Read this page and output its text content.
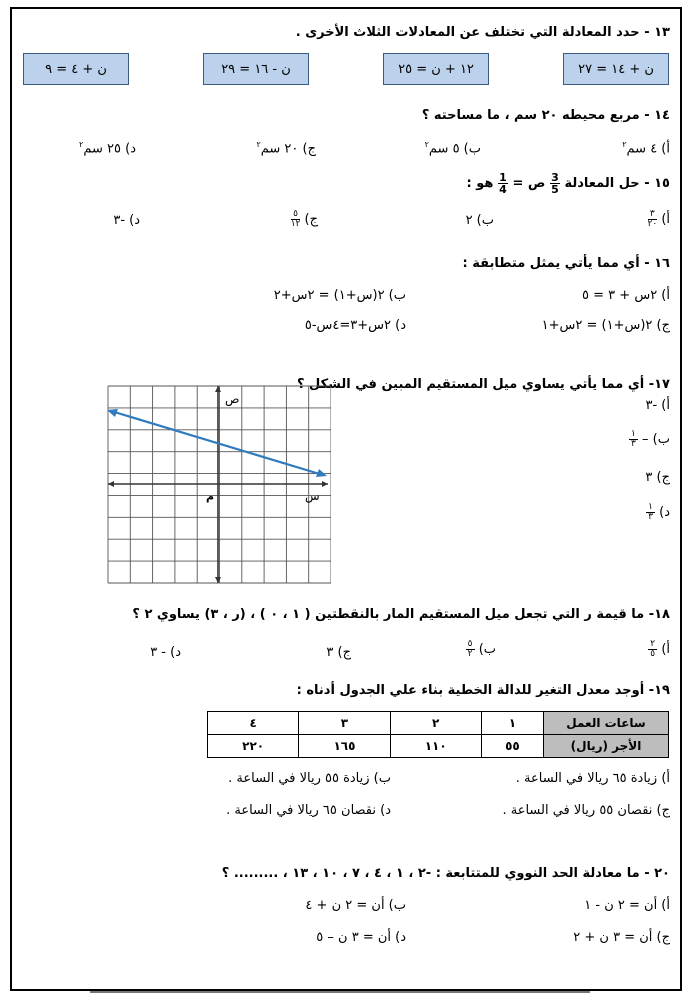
١٣ - حدد المعادلة التي تختلف عن المعادلات الثلاث الأخرى .
ن + ١٤ = ٢٧
١٢ + ن = ٢٥
ن - ١٦ = ٢٩
ن + ٤ = ٩
١٤ - مربع محيطه ٢٠ سم ، ما مساحته ؟
أ) ٤ سم$^٢$
ب) ٥ سم$^٢$
ج) ٢٠ سم$^٢$
د) ٢٥ سم$^٢$
١٥ - حل المعادلة
$\frac{3}{5}$
ص =
$\frac{1}{4}$
هو :
أ)
$\frac{٣}{٢٠}$
ب) ٢
ج)
$\frac{٥}{١٢}$
د) -٣
١٦ - أي مما يأتي يمثل متطابقة :
أ) ٢س + ٣ = ٥
ب) ٢(س+١) = ٢س+٢
ج) ٢(س+١) = ٢س+١
د) ٢س+٣=٤س-٥
١٧- أي مما يأتي يساوي ميل المستقيم المبين في الشكل ؟
أ) -٣
ب) –
$\frac{١}{٣}$
ج) ٣
د)
$\frac{١}{٣}$
ص
س
م
١٨- ما قيمة ر التي تجعل ميل المستقيم المار بالنقطتين ( ١ ، ٠ ) ، (ر ، ٣) يساوي ٢ ؟
أ)
$\frac{٢}{٥}$
ب)
$\frac{٥}{٢}$
ج) ٣
د) - ٣
١٩- أوجد معدل التغير للدالة الخطية بناء علي الجدول أدناه :
ساعات العمل	١	٢	٣	٤
الأجر (ريال)	٥٥	١١٠	١٦٥	٢٢٠
أ) زيادة ٦٥ ريالا في الساعة .
ب) زيادة ٥٥ ريالا في الساعة .
ج) نقصان ٥٥ ريالا في الساعة .
د) نقصان ٦٥ ريالا في الساعة .
٢٠ - ما معادلة الحد النووي للمتتابعة : -٢ ، ١ ، ٤ ، ٧ ، ١٠ ، ١٣ ، ......... ؟
أ) أن = ٢ ن - ١
ب) أن = ٢ ن + ٤
ج) أن = ٣ ن + ٢
د) أن = ٣ ن – ٥
